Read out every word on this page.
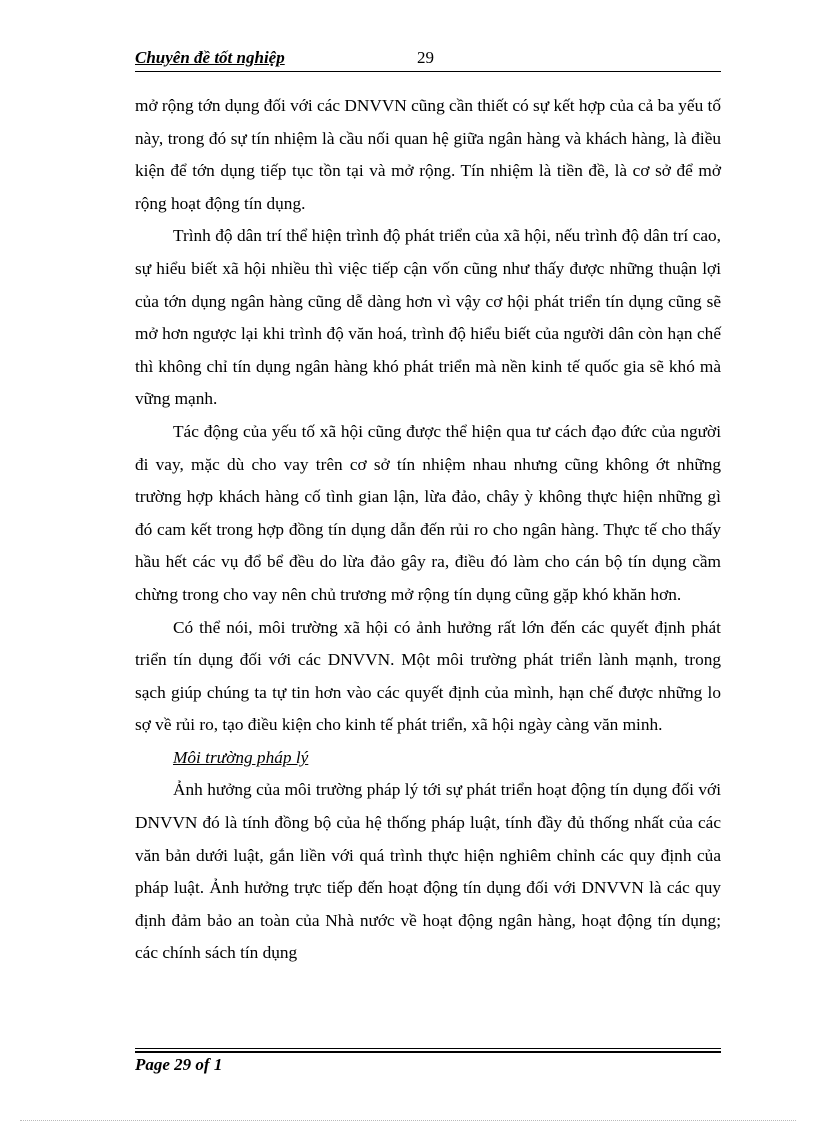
Chuyên đề tốt nghiệp	29

mở rộng tớn dụng đối với các DNVVN cũng cần thiết có sự kết hợp của cả ba yếu tố này, trong đó sự tín nhiệm là cầu nối quan hệ giữa ngân hàng và khách hàng, là điều kiện để tớn dụng tiếp tục tồn tại và mở rộng. Tín nhiệm là tiền đề, là cơ sở để mở rộng hoạt động tín dụng.

Trình độ dân trí thể hiện trình độ phát triển của xã hội, nếu trình độ dân trí cao, sự hiểu biết xã hội nhiều thì việc tiếp cận vốn cũng như thấy được những thuận lợi của tớn dụng ngân hàng cũng dễ dàng hơn vì vậy cơ hội phát triển tín dụng cũng sẽ mở hơn ngược lại khi trình độ văn hoá, trình độ hiểu biết của người dân còn hạn chế thì không chỉ tín dụng ngân hàng khó phát triển mà nền kinh tế quốc gia sẽ khó mà vững mạnh.

Tác động của yếu tố xã hội cũng được thể hiện qua tư cách đạo đức của người đi vay, mặc dù cho vay trên cơ sở tín nhiệm nhau nhưng cũng không ớt những trường hợp khách hàng cố tình gian lận, lừa đảo, chây ỳ không thực hiện những gì đó cam kết trong hợp đồng tín dụng dẫn đến rủi ro cho ngân hàng. Thực tế cho thấy hầu hết các vụ đổ bể đều do lừa đảo gây ra, điều đó làm cho cán bộ tín dụng cầm chừng trong cho vay nên chủ trương mở rộng tín dụng cũng gặp khó khăn hơn.

Có thể nói, môi trường xã hội có ảnh hưởng rất lớn đến các quyết định phát triển tín dụng đối với các DNVVN. Một môi trường phát triển lành mạnh, trong sạch giúp chúng ta tự tin hơn vào các quyết định của mình, hạn chế được những lo sợ về rủi ro, tạo điều kiện cho kinh tế phát triển, xã hội ngày càng văn minh.

Môi trường pháp lý

Ảnh hưởng của môi trường pháp lý tới sự phát triển hoạt động tín dụng đối với DNVVN đó là tính đồng bộ của hệ thống pháp luật, tính đầy đủ thống nhất của các văn bản dưới luật, gắn liền với quá trình thực hiện nghiêm chỉnh các quy định của pháp luật. Ảnh hưởng trực tiếp đến hoạt động tín dụng đối với DNVVN là các quy định đảm bảo an toàn của Nhà nước về hoạt động ngân hàng, hoạt động tín dụng; các chính sách tín dụng

Page 29 of 1
